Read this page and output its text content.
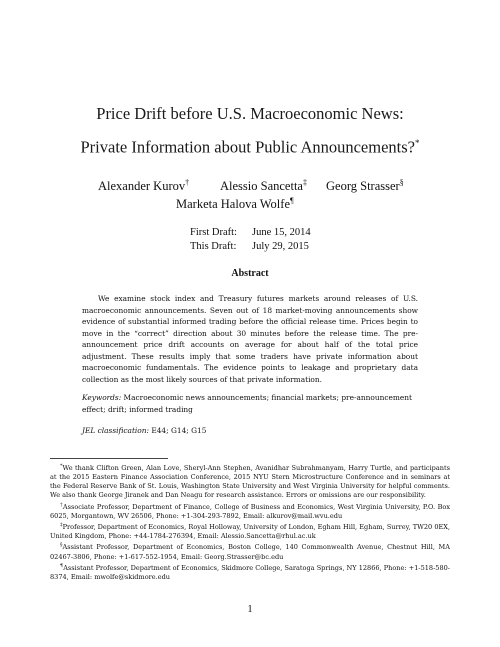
Price Drift before U.S. Macroeconomic News:
Private Information about Public Announcements?*
Alexander Kurov† Alessio Sancetta‡ Georg Strasser§
Marketa Halova Wolfe¶
First Draft:	June 15, 2014
This Draft:	July 29, 2015
Abstract
We examine stock index and Treasury futures markets around releases of U.S. macroeconomic announcements. Seven out of 18 market-moving announcements show evidence of substantial informed trading before the official release time. Prices begin to move in the “correct” direction about 30 minutes before the release time. The pre-announcement price drift accounts on average for about half of the total price adjustment. These results imply that some traders have private information about macroeconomic fundamentals. The evidence points to leakage and proprietary data collection as the most likely sources of that private information.
Keywords: Macroeconomic news announcements; financial markets; pre-announcement effect; drift; informed trading
JEL classification: E44; G14; G15

*We thank Clifton Green, Alan Love, Sheryl-Ann Stephen, Avanidhar Subrahmanyam, Harry Turtle, and participants at the 2015 Eastern Finance Association Conference, 2015 NYU Stern Microstructure Conference and in seminars at the Federal Reserve Bank of St. Louis, Washington State University and West Virginia University for helpful comments. We also thank George Jiranek and Dan Neagu for research assistance. Errors or omissions are our responsibility.

†Associate Professor, Department of Finance, College of Business and Economics, West Virginia University, P.O. Box 6025, Morgantown, WV 26506, Phone: +1-304-293-7892, Email: alkurov@mail.wvu.edu

‡Professor, Department of Economics, Royal Holloway, University of London, Egham Hill, Egham, Surrey, TW20 0EX, United Kingdom, Phone: +44-1784-276394, Email: Alessio.Sancetta@rhul.ac.uk

§Assistant Professor, Department of Economics, Boston College, 140 Commonwealth Avenue, Chestnut Hill, MA 02467-3806, Phone: +1-617-552-1954, Email: Georg.Strasser@bc.edu

¶Assistant Professor, Department of Economics, Skidmore College, Saratoga Springs, NY 12866, Phone: +1-518-580-8374, Email: mwolfe@skidmore.edu

1
